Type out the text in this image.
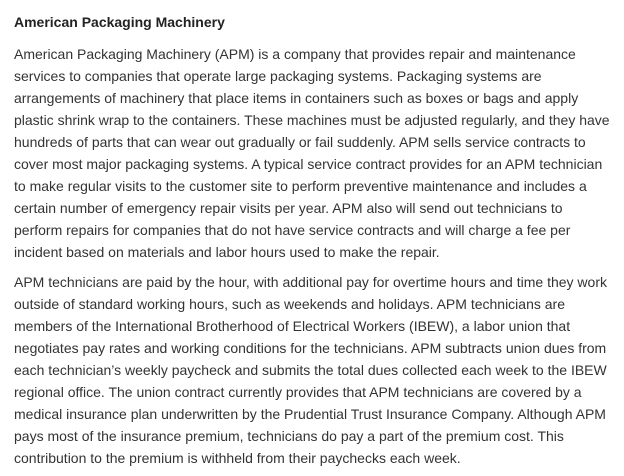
American Packaging Machinery

American Packaging Machinery (APM) is a company that provides repair and maintenance services to companies that operate large packaging systems. Packaging systems are arrangements of machinery that place items in containers such as boxes or bags and apply plastic shrink wrap to the containers. These machines must be adjusted regularly, and they have hundreds of parts that can wear out gradually or fail suddenly. APM sells service contracts to cover most major packaging systems. A typical service contract provides for an APM technician to make regular visits to the customer site to perform preventive maintenance and includes a certain number of emergency repair visits per year. APM also will send out technicians to perform repairs for companies that do not have service contracts and will charge a fee per incident based on materials and labor hours used to make the repair.

APM technicians are paid by the hour, with additional pay for overtime hours and time they work outside of standard working hours, such as weekends and holidays. APM technicians are members of the International Brotherhood of Electrical Workers (IBEW), a labor union that negotiates pay rates and working conditions for the technicians. APM subtracts union dues from each technician’s weekly paycheck and submits the total dues collected each week to the IBEW regional office. The union contract currently provides that APM technicians are covered by a medical insurance plan underwritten by the Prudential Trust Insurance Company. Although APM pays most of the insurance premium, technicians do pay a part of the premium cost. This contribution to the premium is withheld from their paychecks each week.
